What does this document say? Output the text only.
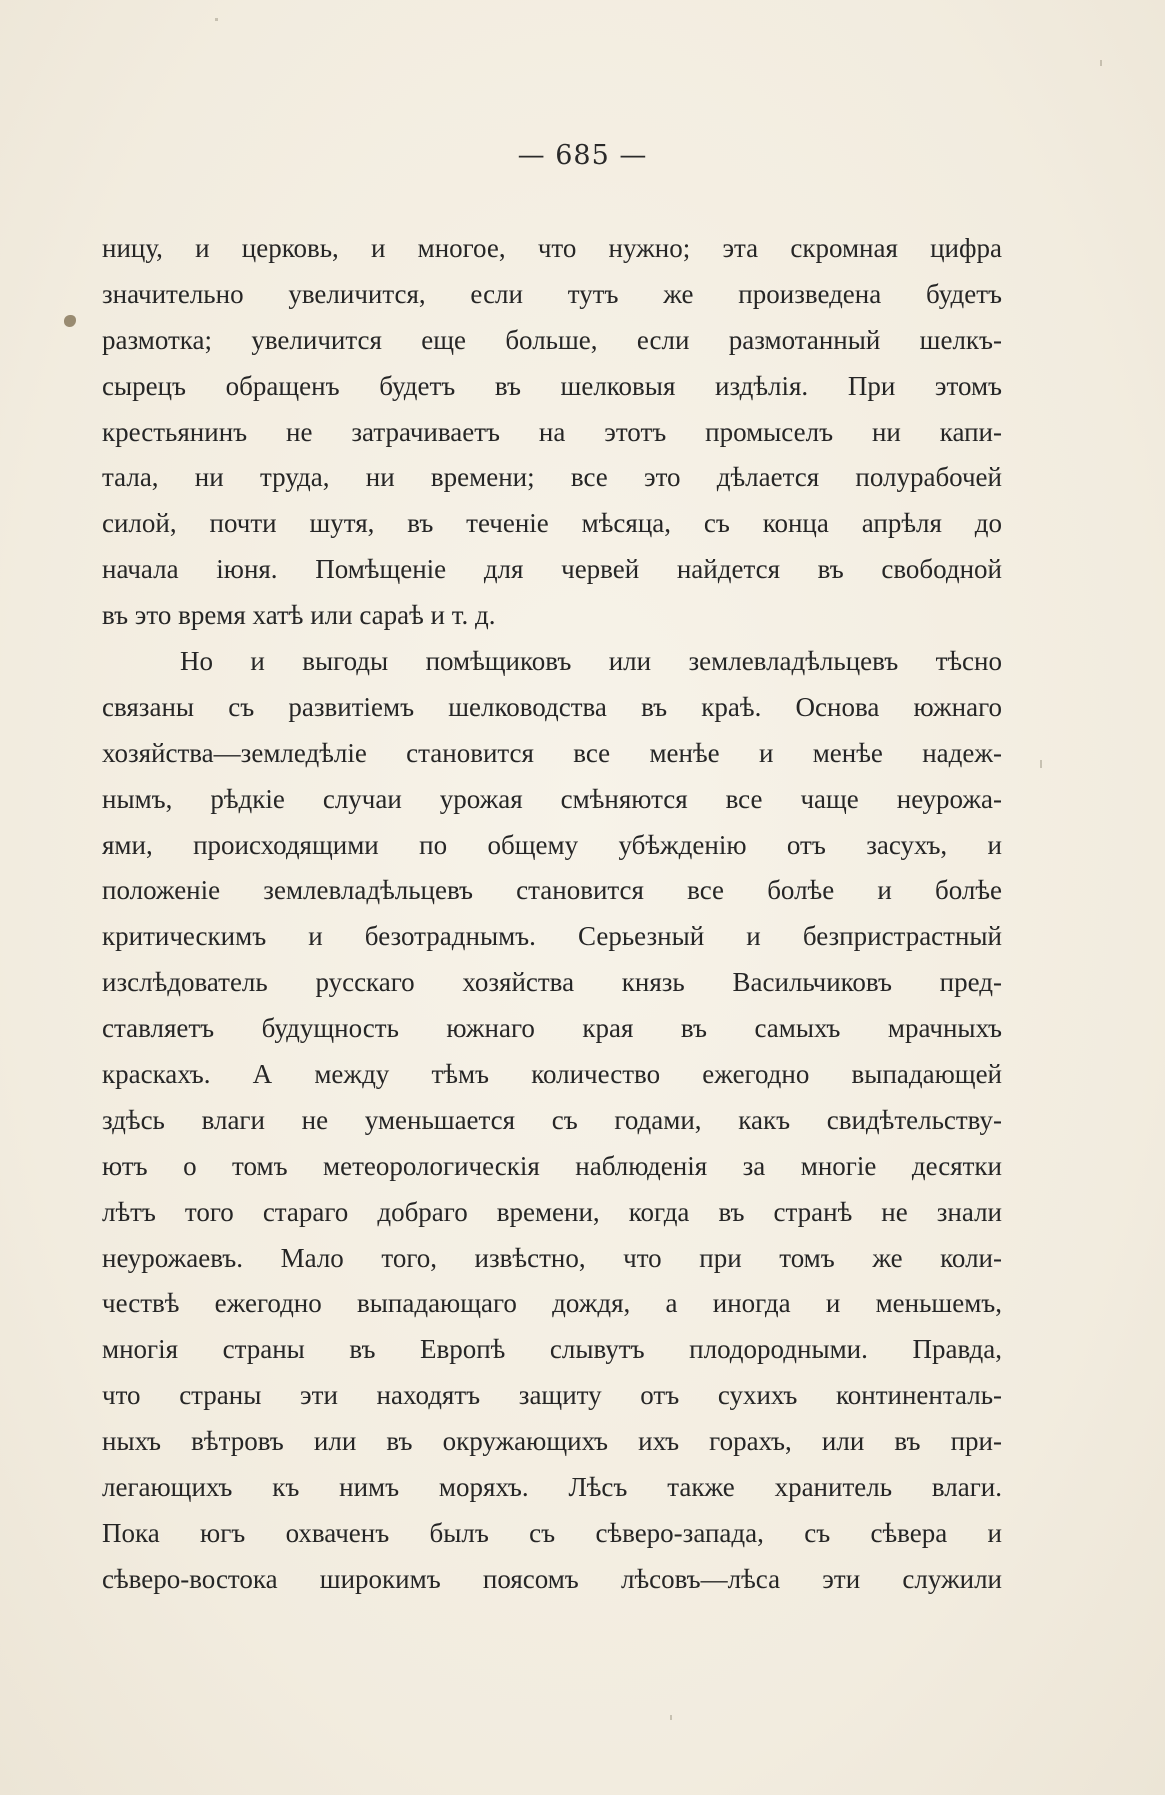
— 685 —
ницу, и церковь, и многое, что нужно; эта скромная цифра
значительно увеличится, если тутъ же произведена будетъ
размотка; увеличится еще больше, если размотанный шелкъ-
сырецъ обращенъ будетъ въ шелковыя издѣлія. При этомъ
крестьянинъ не затрачиваетъ на этотъ промыселъ ни капи-
тала, ни труда, ни времени; все это дѣлается полурабочей
силой, почти шутя, въ теченіе мѣсяца, съ конца апрѣля до
начала іюня. Помѣщеніе для червей найдется въ свободной
въ это время хатѣ или сараѣ и т. д.
Но и выгоды помѣщиковъ или землевладѣльцевъ тѣсно
связаны съ развитіемъ шелководства въ краѣ. Основа южнаго
хозяйства—земледѣліе становится все менѣе и менѣе надеж-
нымъ, рѣдкіе случаи урожая смѣняются все чаще неурожа-
ями, происходящими по общему убѣжденію отъ засухъ, и
положеніе землевладѣльцевъ становится все болѣе и болѣе
критическимъ и безотраднымъ. Серьезный и безпристрастный
изслѣдователь русскаго хозяйства князь Васильчиковъ пред-
ставляетъ будущность южнаго края въ самыхъ мрачныхъ
краскахъ. А между тѣмъ количество ежегодно выпадающей
здѣсь влаги не уменьшается съ годами, какъ свидѣтельству-
ютъ о томъ метеорологическія наблюденія за многіе десятки
лѣтъ того стараго добраго времени, когда въ странѣ не знали
неурожаевъ. Мало того, извѣстно, что при томъ же коли-
чествѣ ежегодно выпадающаго дождя, а иногда и меньшемъ,
многія страны въ Европѣ слывутъ плодородными. Правда,
что страны эти находятъ защиту отъ сухихъ континенталь-
ныхъ вѣтровъ или въ окружающихъ ихъ горахъ, или въ при-
легающихъ къ нимъ моряхъ. Лѣсъ также хранитель влаги.
Пока югъ охваченъ былъ съ сѣверо-запада, съ сѣвера и
сѣверо-востока широкимъ поясомъ лѣсовъ—лѣса эти служили
